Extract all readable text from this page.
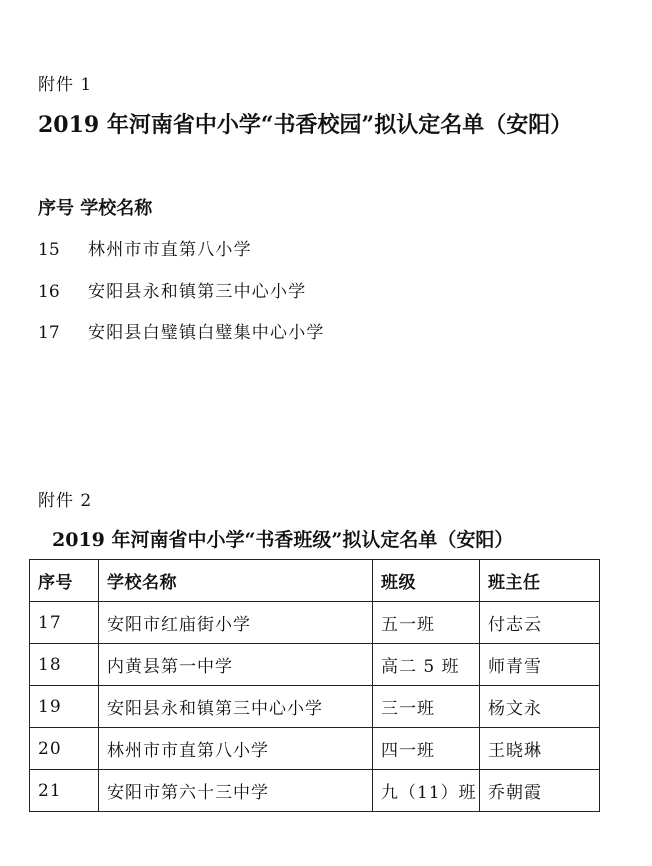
附件 1
2019 年河南省中小学“书香校园”拟认定名单（安阳）
序号 学校名称
15 林州市市直第八小学
16 安阳县永和镇第三中心小学
17 安阳县白璧镇白璧集中心小学
附件 2
2019 年河南省中小学“书香班级”拟认定名单（安阳）
序号	学校名称	班级	班主任
17	安阳市红庙街小学	五一班	付志云
18	内黄县第一中学	高二 5 班	师青雪
19	安阳县永和镇第三中心小学	三一班	杨文永
20	林州市市直第八小学	四一班	王晓琳
21	安阳市第六十三中学	九（11）班	乔朝霞
